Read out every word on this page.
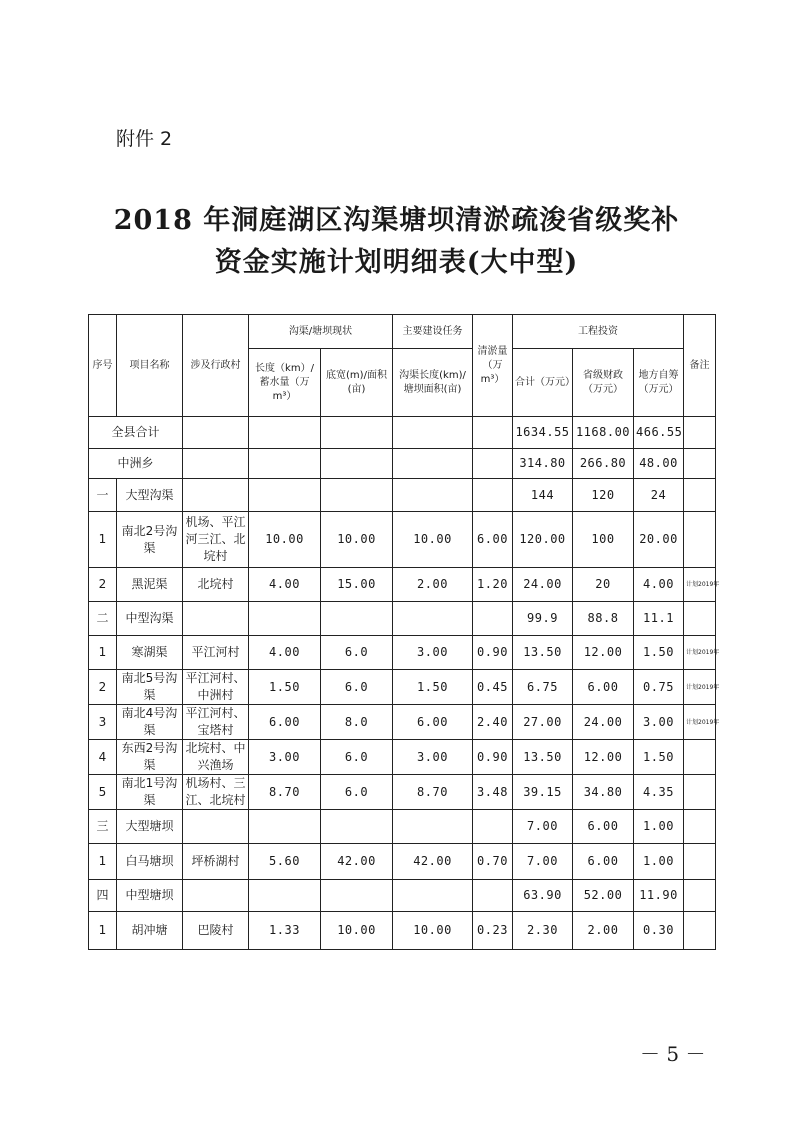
附件 2
2018 年洞庭湖区沟渠塘坝清淤疏浚省级奖补
资金实施计划明细表(大中型)
序号	项目名称	涉及行政村	沟渠/塘坝现状		主要建设任务	清淤量（万m³）	工程投资			备注
			长度（km）/蓄水量（万m³）	底宽(m)/面积(亩)	沟渠长度(km)/塘坝面积(亩)		合计（万元）	省级财政（万元）	地方自筹（万元）	
全县合计							1634.55	1168.00	466.55	
中洲乡							314.80	266.80	48.00	
一	大型沟渠						144	120	24	
1	南北2号沟渠	机场、平江河三江、北垸村	10.00	10.00	10.00	6.00	120.00	100	20.00	
2	黑泥渠	北垸村	4.00	15.00	2.00	1.20	24.00	20	4.00	计划2019年
二	中型沟渠						99.9	88.8	11.1	
1	寒湖渠	平江河村	4.00	6.0	3.00	0.90	13.50	12.00	1.50	计划2019年
2	南北5号沟渠	平江河村、中洲村	1.50	6.0	1.50	0.45	6.75	6.00	0.75	计划2019年
3	南北4号沟渠	平江河村、宝塔村	6.00	8.0	6.00	2.40	27.00	24.00	3.00	计划2019年
4	东西2号沟渠	北垸村、中兴渔场	3.00	6.0	3.00	0.90	13.50	12.00	1.50	
5	南北1号沟渠	机场村、三江、北垸村	8.70	6.0	8.70	3.48	39.15	34.80	4.35	
三	大型塘坝						7.00	6.00	1.00	
1	白马塘坝	坪桥湖村	5.60	42.00	42.00	0.70	7.00	6.00	1.00	
四	中型塘坝						63.90	52.00	11.90	
1	胡冲塘	巴陵村	1.33	10.00	10.00	0.23	2.30	2.00	0.30	
－ 5 －
